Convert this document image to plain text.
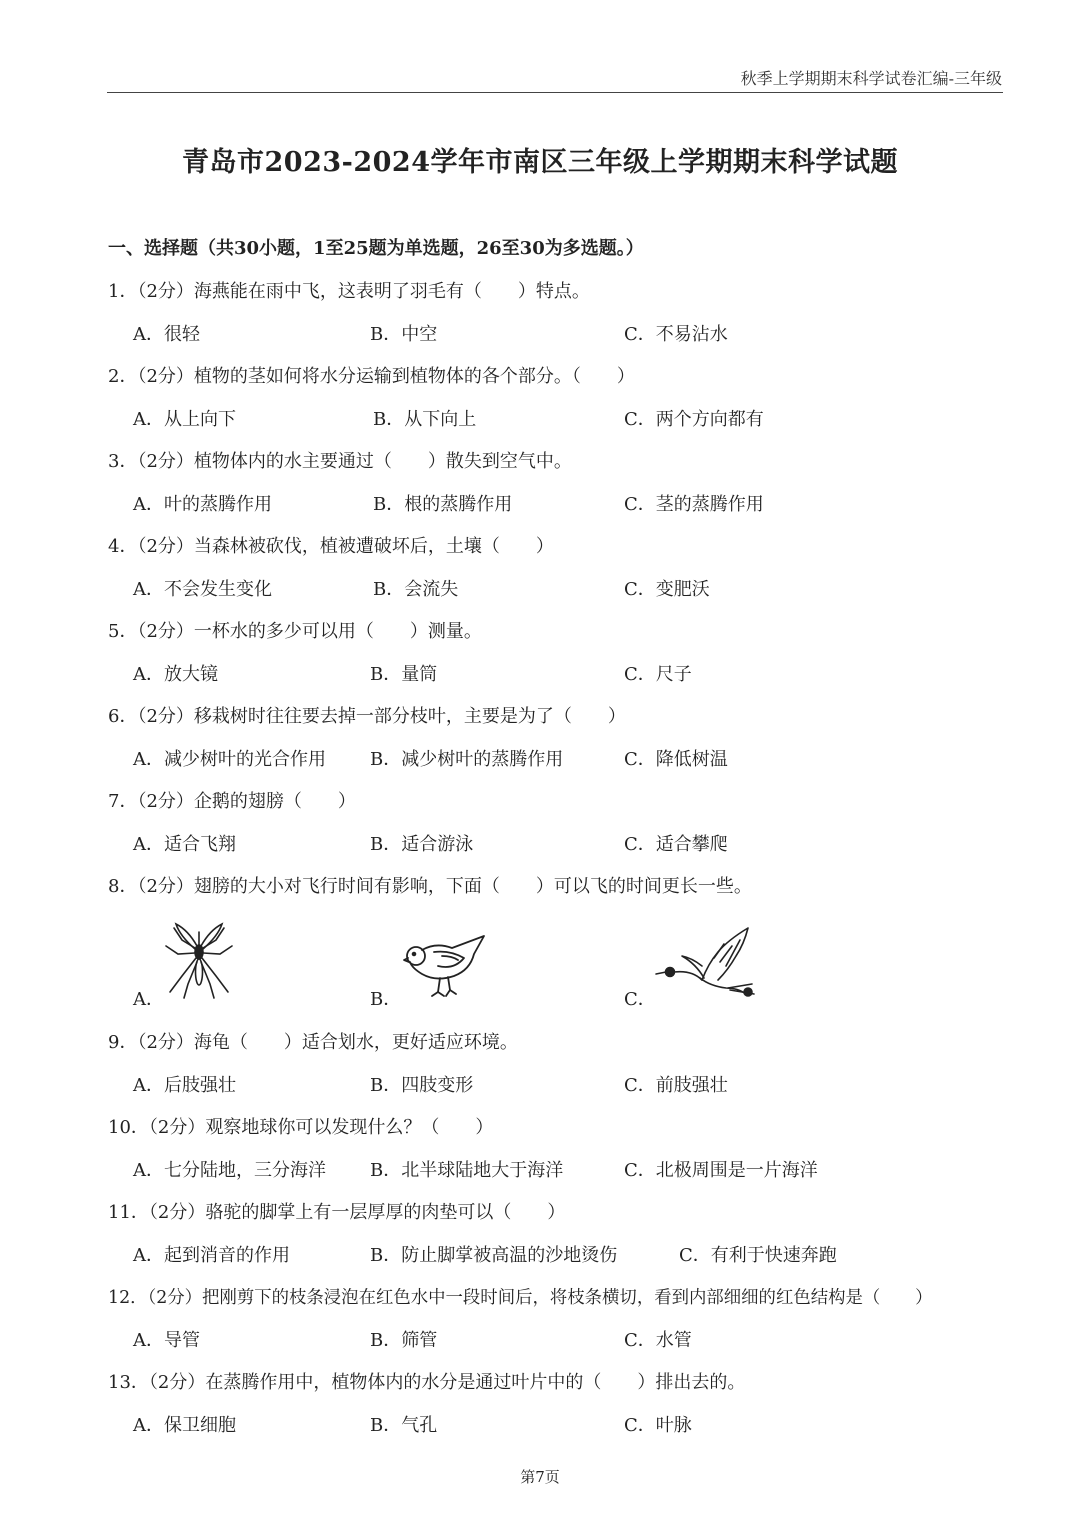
秋季上学期期末科学试卷汇编-三年级
青岛市2023-2024学年市南区三年级上学期期末科学试题
一、选择题（共30小题，1至25题为单选题，26至30为多选题。）
1．（2分）海燕能在雨中飞，这表明了羽毛有（　　）特点。
A．很轻	B．中空	C．不易沾水
2．（2分）植物的茎如何将水分运输到植物体的各个部分。（　　）
A．从上向下	B．从下向上	C．两个方向都有
3．（2分）植物体内的水主要通过（　　）散失到空气中。
A．叶的蒸腾作用	B．根的蒸腾作用	C．茎的蒸腾作用
4．（2分）当森林被砍伐，植被遭破坏后，土壤（　　）
A．不会发生变化	B．会流失	C．变肥沃
5．（2分）一杯水的多少可以用（　　）测量。
A．放大镜	B．量筒	C．尺子
6．（2分）移栽树时往往要去掉一部分枝叶，主要是为了（　　）
A．减少树叶的光合作用 B．减少树叶的蒸腾作用	C．降低树温
7．（2分）企鹅的翅膀（　　）
A．适合飞翔	B．适合游泳	C．适合攀爬
8．（2分）翅膀的大小对飞行时间有影响，下面（　　）可以飞的时间更长一些。
A．	B．	C．
9．（2分）海龟（　　）适合划水，更好适应环境。
A．后肢强壮	B．四肢变形	C．前肢强壮
10．（2分）观察地球你可以发现什么？（　　）
A．七分陆地，三分海洋 B．北半球陆地大于海洋	C．北极周围是一片海洋
11．（2分）骆驼的脚掌上有一层厚厚的肉垫可以（　　）
A．起到消音的作用	B．防止脚掌被高温的沙地烫伤	C．有利于快速奔跑
12．（2分）把刚剪下的枝条浸泡在红色水中一段时间后，将枝条横切，看到内部细细的红色结构是（　　）
A．导管	B．筛管	C．水管
13．（2分）在蒸腾作用中，植物体内的水分是通过叶片中的（　　）排出去的。
A．保卫细胞	B．气孔	C．叶脉
第7页
